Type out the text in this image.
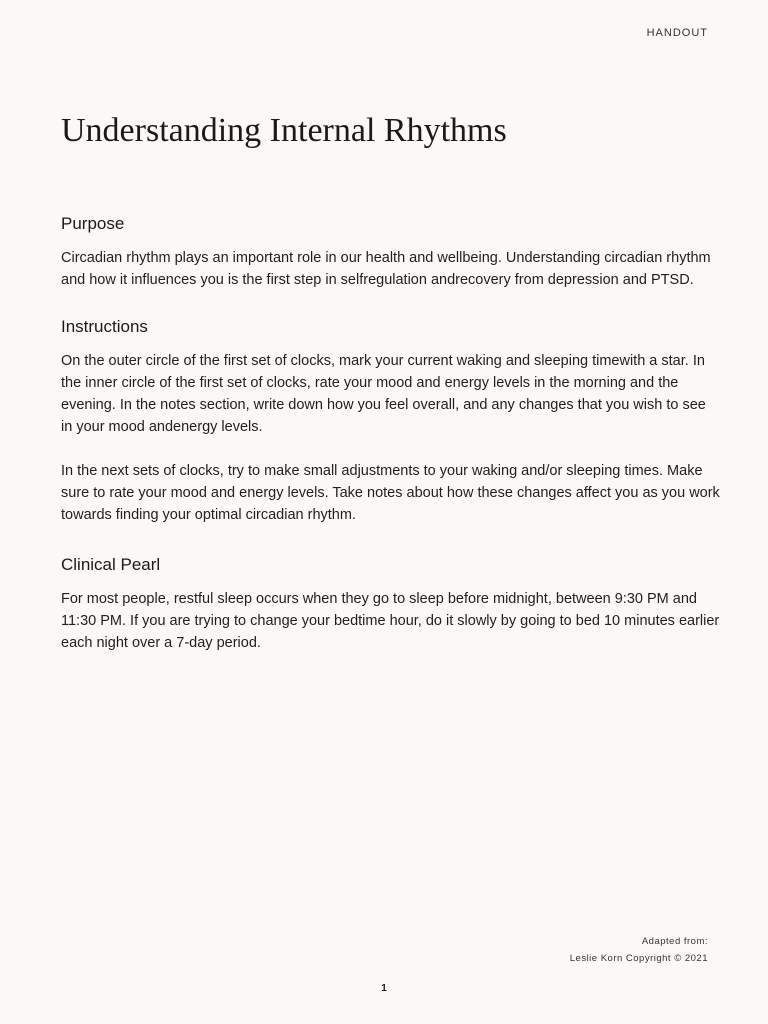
HANDOUT
Understanding Internal Rhythms
Purpose

Circadian rhythm plays an important role in our health and wellbeing. Understanding circadian rhythm and how it influences you is the first step in selfregulation andrecovery from depression and PTSD.

Instructions

On the outer circle of the first set of clocks, mark your current waking and sleeping timewith a star. In the inner circle of the first set of clocks, rate your mood and energy levels in the morning and the evening. In the notes section, write down how you feel overall, and any changes that you wish to see in your mood andenergy levels.

In the next sets of clocks, try to make small adjustments to your waking and/or sleeping times. Make sure to rate your mood and energy levels. Take notes about how these changes affect you as you work towards finding your optimal circadian rhythm.

Clinical Pearl

For most people, restful sleep occurs when they go to sleep before midnight, between 9:30 PM and 11:30 PM. If you are trying to change your bedtime hour, do it slowly by going to bed 10 minutes earlier each night over a 7-day period.

Adapted from:
Leslie Korn Copyright © 2021
1
